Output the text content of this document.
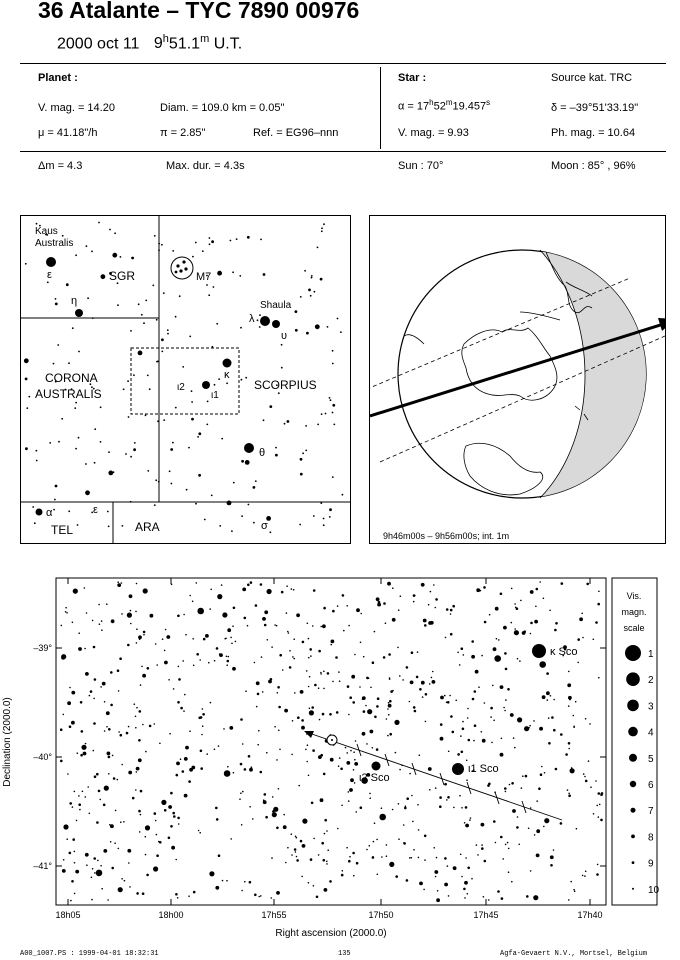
36 Atalante – TYC 7890 00976
2000 oct 11 9$^h$51.1$^m$ U.T.
Planet :
V. mag. = 14.20	Diam. = 109.0 km = 0.05"
μ = 41.18"/h	π = 2.85"	Ref. = EG96–nnn
Star :	Source kat. TRC
$\alpha = 17^h52^m19.457^s$	δ = –39°51'33.19"
V. mag. = 9.93	Ph. mag. = 10.64
Δm = 4.3	Max. dur. = 4.3s	Sun : 70°	Moon : 85° , 96%
Kaus
Australis
ε	SGR
η
M7
Shaula
λ
υ
CORONA
AUSTRALIS
κ
ι2
ι1
SCORPIUS
θ
α	ε
TEL	ARA	σ
9h46m00s – 9h56m00s; int. 1m
κ Sco
ι1 Sco
ι2 Sco
Right ascension (2000.0)
Declination (2000.0)
18h05	18h00	17h55	17h50	17h45	17h40
–39°
–40°
–41°
Vis.
magn.
scale
1
2
3
4
5
6
7
8
9
10
A00_1007.PS : 1999-04-01 18:32:31	135	Agfa-Gevaert N.V., Mortsel, Belgium
